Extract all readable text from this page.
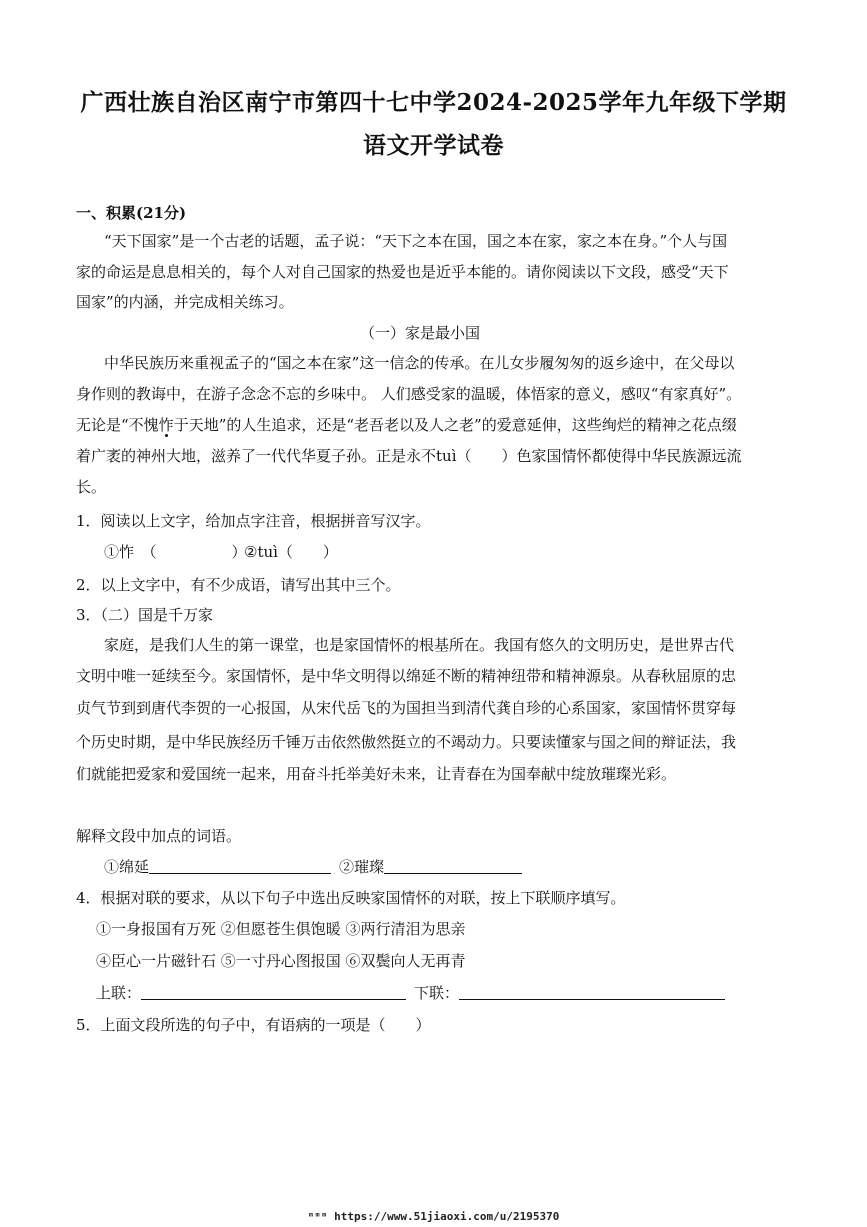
广西壮族自治区南宁市第四十七中学2024-2025学年九年级下学期
语文开学试卷
一、积累(21分)
“天下国家”是一个古老的话题，孟子说：“天下之本在国，国之本在家，家之本在身。”个人与国
家的命运是息息相关的，每个人对自己国家的热爱也是近乎本能的。请你阅读以下文段，感受“天下
国家”的内涵，并完成相关练习。
（一）家是最小国
中华民族历来重视孟子的“国之本在家”这一信念的传承。在儿女步履匆匆的返乡途中，在父母以
身作则的教诲中，在游子念念不忘的乡味中。 人们感受家的温暖，体悟家的意义，感叹“有家真好”。
无论是“不愧怍于天地”的人生追求，还是“老吾老以及人之老”的爱意延伸，这些绚烂的精神之花点缀
着广袤的神州大地，滋养了一代代华夏子孙。正是永不tuì（　　）色家国情怀都使得中华民族源远流
长。
1．阅读以上文字，给加点字注音，根据拼音写汉字。
①怍　（　　　　　）
②tuì（　　）
2．以上文字中，有不少成语，请写出其中三个。
3．（二）国是千万家
家庭，是我们人生的第一课堂，也是家国情怀的根基所在。我国有悠久的文明历史，是世界古代
文明中唯一延续至今。家国情怀，是中华文明得以绵延不断的精神纽带和精神源泉。从春秋屈原的忠
贞气节到到唐代李贺的一心报国，从宋代岳飞的为国担当到清代龚自珍的心系国家，家国情怀贯穿每
个历史时期，是中华民族经历千锤万击依然傲然挺立的不竭动力。只要读懂家与国之间的辩证法，我
们就能把爱家和爱国统一起来，用奋斗托举美好未来，让青春在为国奉献中绽放璀璨光彩。
解释文段中加点的词语。
①绵延	②璀璨
4．根据对联的要求，从以下句子中选出反映家国情怀的对联，按上下联顺序填写。
①一身报国有万死 ②但愿苍生俱饱暖 ③两行清泪为思亲
④臣心一片磁针石 ⑤一寸丹心图报国 ⑥双鬓向人无再青
上联：	下联：
5．上面文段所选的句子中，有语病的一项是（　　）
ᵐᵐᵐ https://www.51jiaoxi.com/u/2195370
